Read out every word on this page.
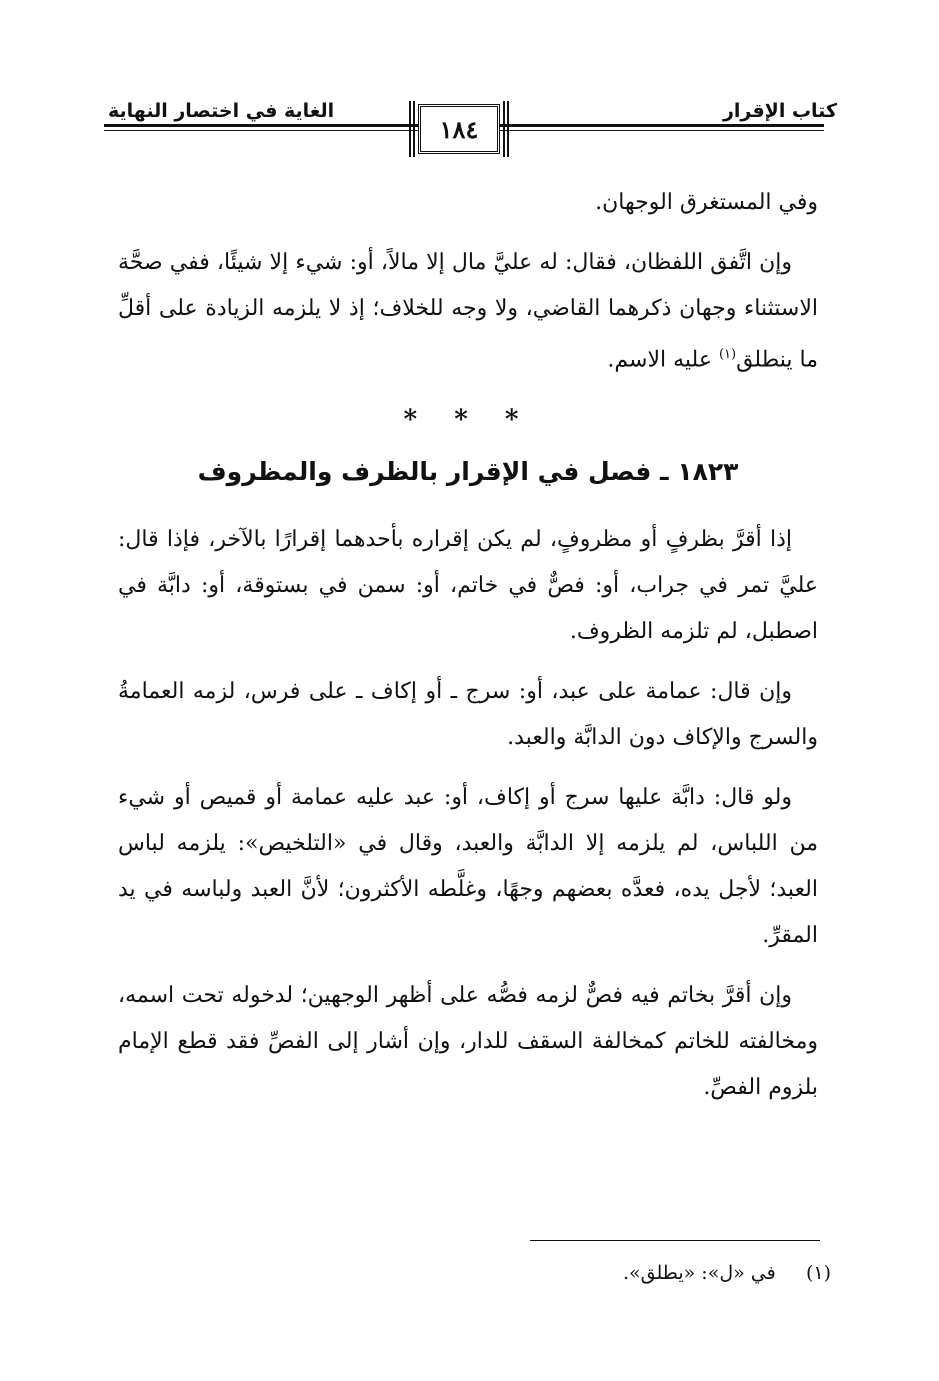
كتاب الإقرار
الغاية في اختصار النهاية
١٨٤

وفي المستغرق الوجهان.

وإن اتَّفق اللفظان، فقال: له عليَّ مال إلا مالاً، أو: شيء إلا شيئًا، ففي صحَّة الاستثناء وجهان ذكرهما القاضي، ولا وجه للخلاف؛ إذ لا يلزمه الزيادة على أقلِّ ما ينطلق$^{(١)}$ عليه الاسم.

* * *
١٨٢٣ ـ فصل في الإقرار بالظرف والمظروف

إذا أقرَّ بظرفٍ أو مظروفٍ، لم يكن إقراره بأحدهما إقرارًا بالآخر، فإذا قال: عليَّ تمر في جراب، أو: فصٌّ في خاتم، أو: سمن في بستوقة، أو: دابَّة في اصطبل، لم تلزمه الظروف.

وإن قال: عمامة على عبد، أو: سرج ـ أو إكاف ـ على فرس، لزمه العمامةُ والسرج والإكاف دون الدابَّة والعبد.

ولو قال: دابَّة عليها سرج أو إكاف، أو: عبد عليه عمامة أو قميص أو شيء من اللباس، لم يلزمه إلا الدابَّة والعبد، وقال في «التلخيص»: يلزمه لباس العبد؛ لأجل يده، فعدَّه بعضهم وجهًا، وغلَّطه الأكثرون؛ لأنَّ العبد ولباسه في يد المقرِّ.

وإن أقرَّ بخاتم فيه فصٌّ لزمه فصُّه على أظهر الوجهين؛ لدخوله تحت اسمه، ومخالفته للخاتم كمخالفة السقف للدار، وإن أشار إلى الفصِّ فقد قطع الإمام بلزوم الفصِّ.

(١)     في «ل»: «يطلق».
